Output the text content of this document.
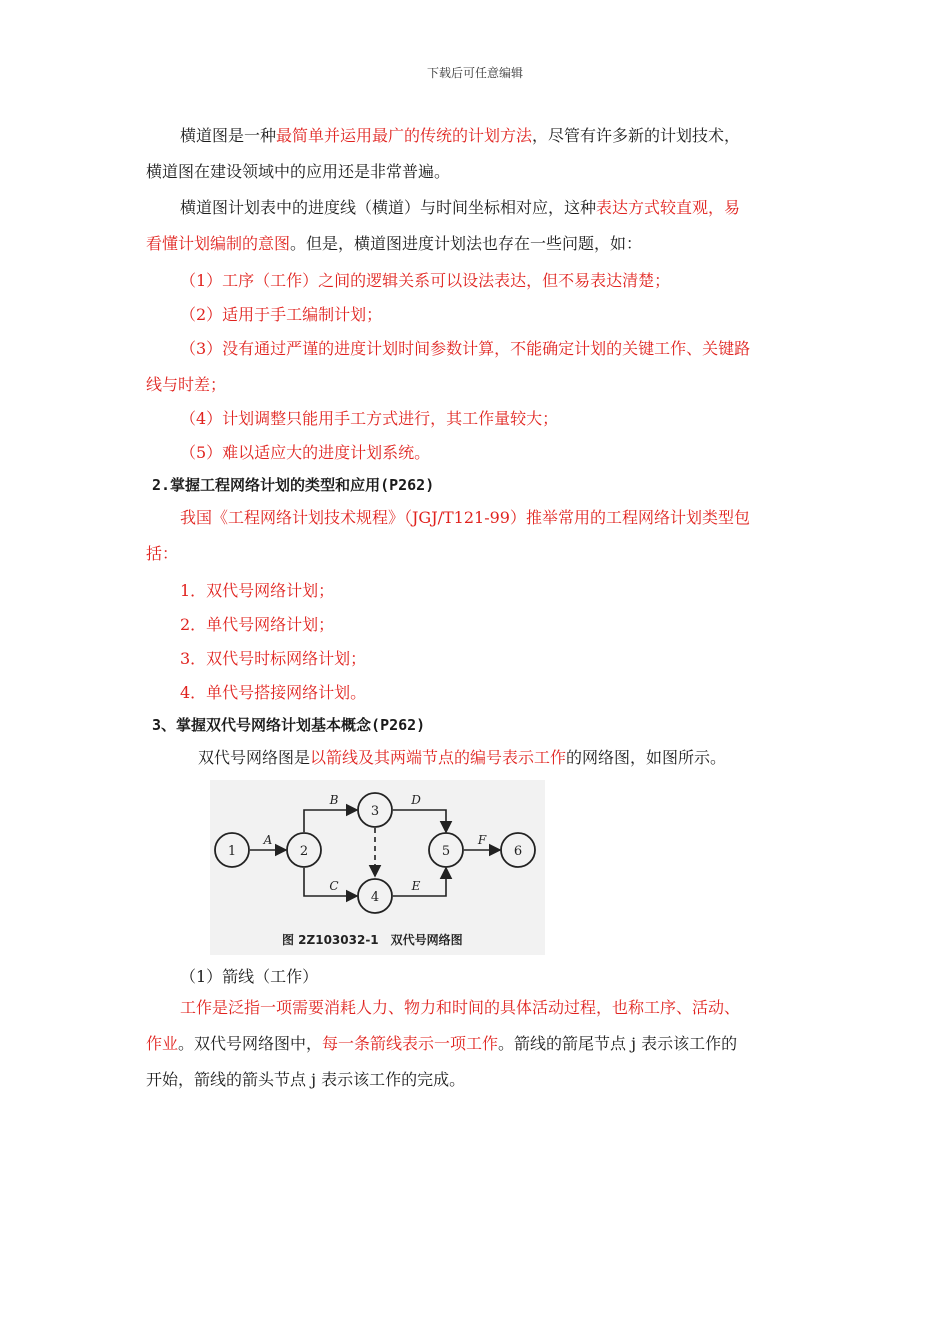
下载后可任意编辑
横道图是一种最简单并运用最广的传统的计划方法，尽管有许多新的计划技术，
横道图在建设领域中的应用还是非常普遍。
横道图计划表中的进度线（横道）与时间坐标相对应，这种表达方式较直观，易
看懂计划编制的意图。但是，横道图进度计划法也存在一些问题，如：
（1）工序（工作）之间的逻辑关系可以设法表达，但不易表达清楚；
（2）适用于手工编制计划；
（3）没有通过严谨的进度计划时间参数计算，不能确定计划的关键工作、关键路
线与时差；
（4）计划调整只能用手工方式进行，其工作量较大；
（5）难以适应大的进度计划系统。
2.掌握工程网络计划的类型和应用(P262)
我国《工程网络计划技术规程》（JGJ/T121-99）推举常用的工程网络计划类型包
括：
1．双代号网络计划；
2．单代号网络计划；
3．双代号时标网络计划；
4．单代号搭接网络计划。
3、掌握双代号网络计划基本概念(P262)
双代号网络图是以箭线及其两端节点的编号表示工作的网络图，如图所示。
1	2
3
4
5	6
A
B
C
D
E
F
图 2Z103032-1　双代号网络图
（1）箭线（工作）
工作是泛指一项需要消耗人力、物力和时间的具体活动过程，也称工序、活动、
作业。双代号网络图中，每一条箭线表示一项工作。箭线的箭尾节点 j 表示该工作的
开始，箭线的箭头节点 j 表示该工作的完成。
